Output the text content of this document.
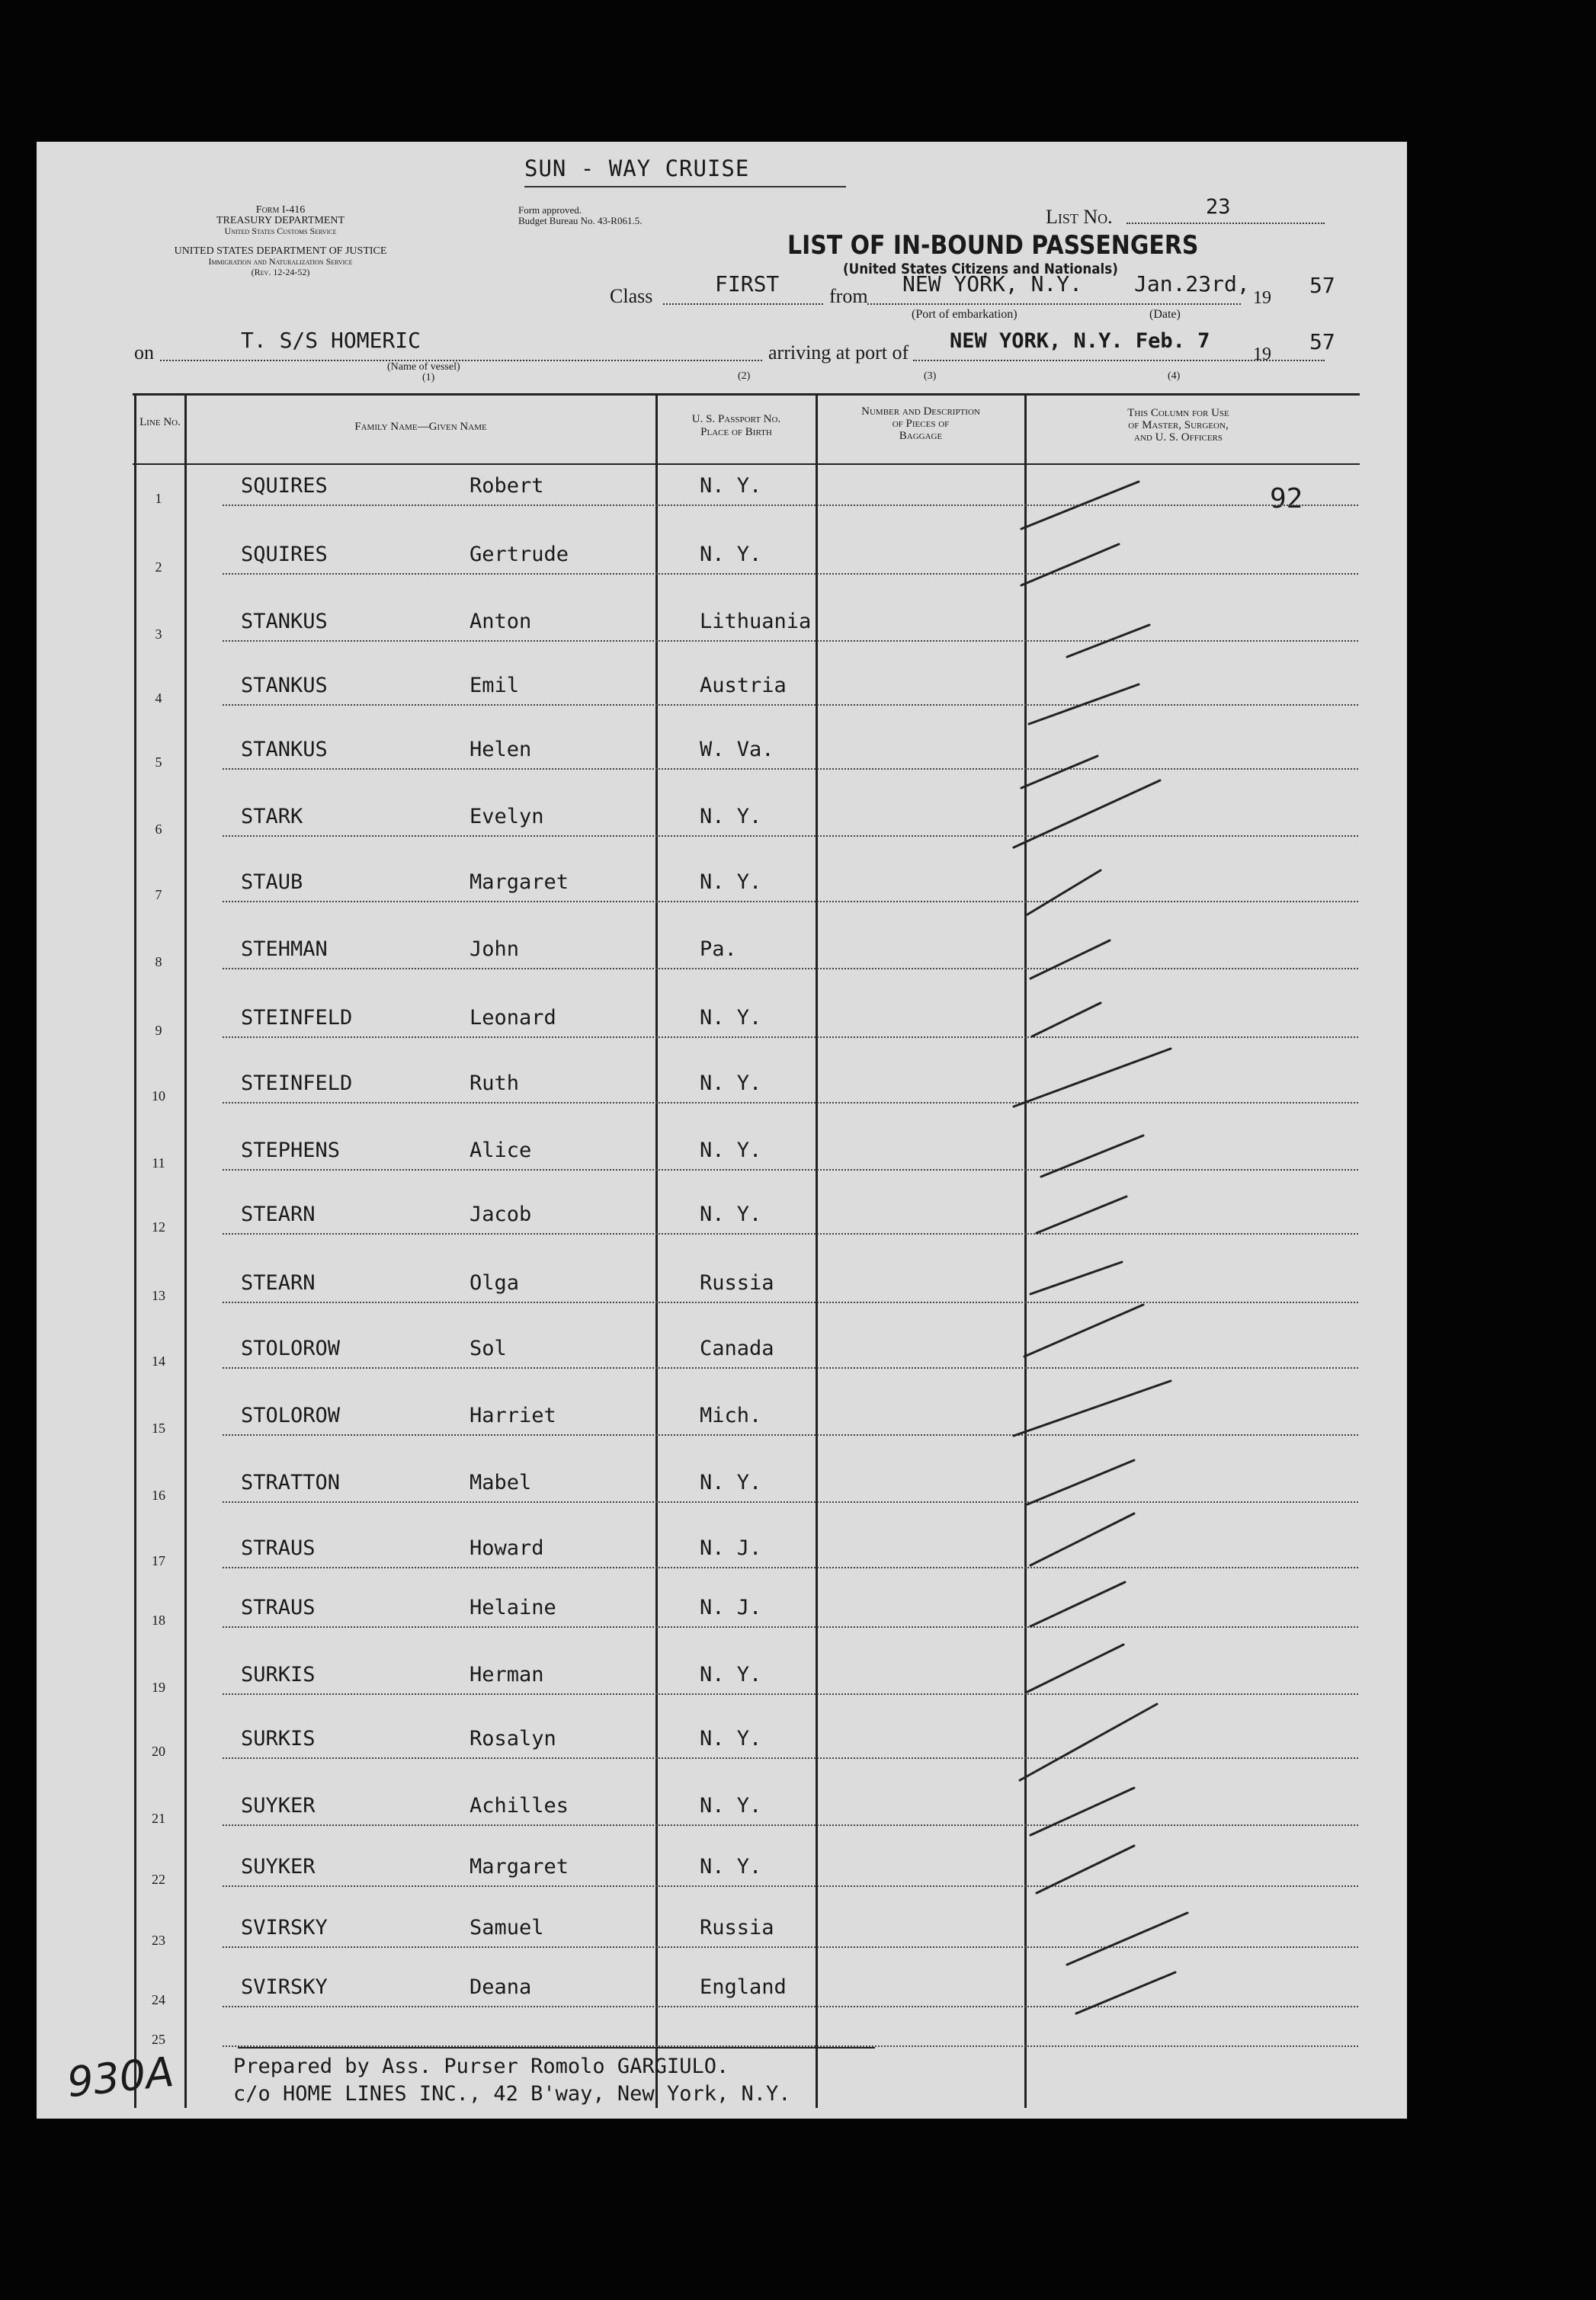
SUN - WAY CRUISE
Form I-416
TREASURY DEPARTMENT
United States Customs Service
UNITED STATES DEPARTMENT OF JUSTICE
Immigration and Naturalization Service
(Rev. 12-24-52)
Form approved.
Budget Bureau No. 43-R061.5.	List No.	23
LIST OF IN-BOUND PASSENGERS
(United States Citizens and Nationals)
Class	FIRST	from NEW YORK, N.Y. Jan.23rd,
19 57
(Port of embarkation)	(Date)
on	T. S/S HOMERIC	arriving at port of NEW YORK, N.Y. Feb. 7
19 57
(Name of vessel)
(1)	(2)	(3)	(4)
Line No.	Family Name—Given Name
U. S. Passport No.
Place of Birth
Number and Description
of Pieces of
Baggage
This Column for Use
of Master, Surgeon,
and U. S. Officers
92
1
SQUIRES	Robert	N. Y.
2
SQUIRES	Gertrude	N. Y.
3
STANKUS	Anton	Lithuania
4
STANKUS	Emil	Austria
5
STANKUS	Helen	W. Va.
6
STARK	Evelyn	N. Y.
7
STAUB	Margaret	N. Y.
8
STEHMAN	John	Pa.
9
STEINFELD	Leonard	N. Y.
10
STEINFELD	Ruth	N. Y.
11
STEPHENS	Alice	N. Y.
12
STEARN	Jacob	N. Y.
13
STEARN	Olga	Russia
14
STOLOROW	Sol	Canada
15
STOLOROW	Harriet	Mich.
16
STRATTON	Mabel	N. Y.
17
STRAUS	Howard	N. J.
18
STRAUS	Helaine	N. J.
19
SURKIS	Herman	N. Y.
20
SURKIS	Rosalyn	N. Y.
21
SUYKER	Achilles	N. Y.
22
SUYKER	Margaret	N. Y.
23
SVIRSKY	Samuel	Russia
24
SVIRSKY	Deana	England
25
Prepared by Ass. Purser Romolo GARGIULO.
c/o HOME LINES INC., 42 B'way, New York, N.Y.
930A
